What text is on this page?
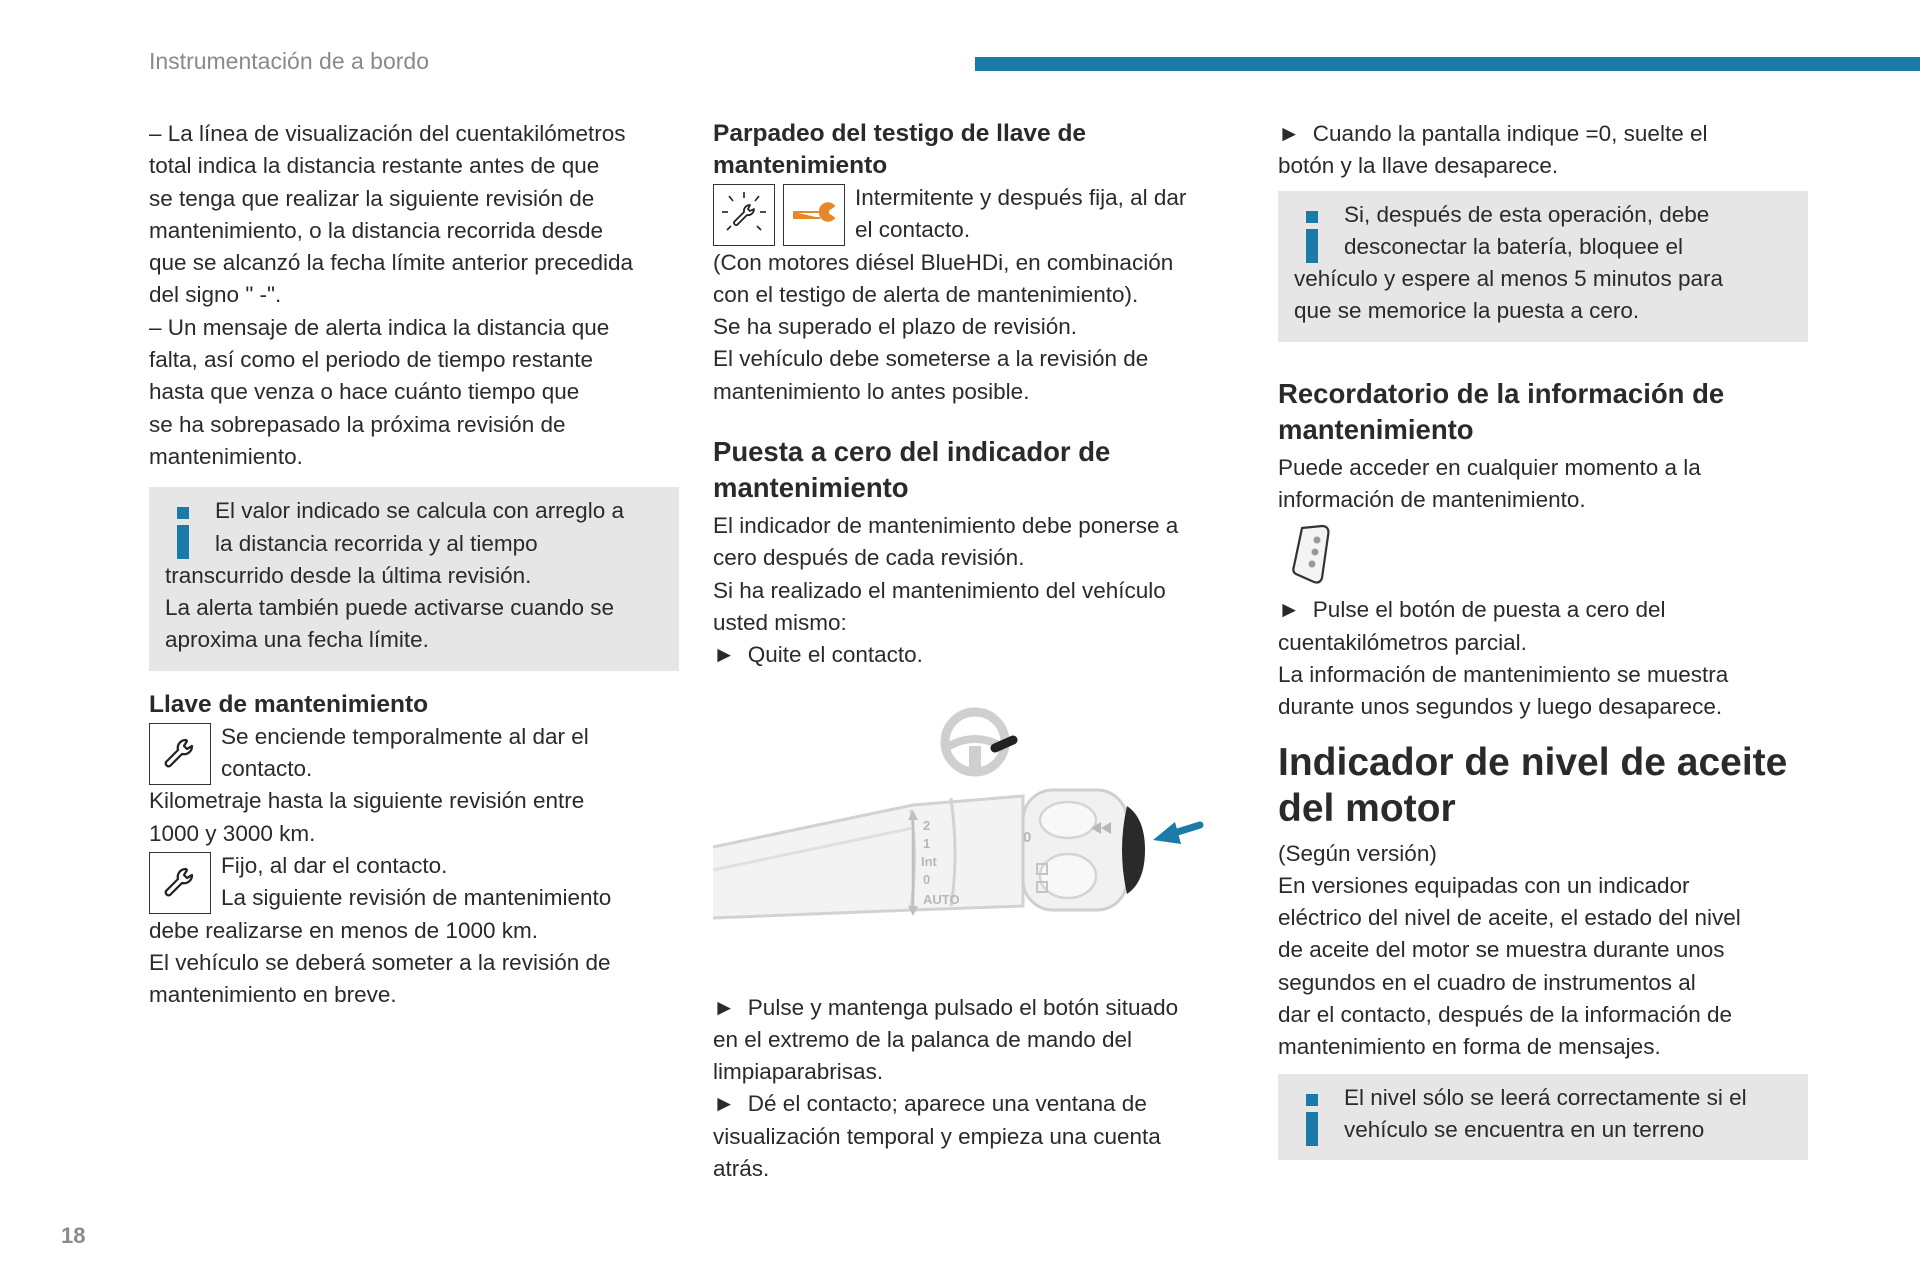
Instrumentación de a bordo

– La línea de visualización del cuentakilómetros
total indica la distancia restante antes de que
se tenga que realizar la siguiente revisión de
mantenimiento, o la distancia recorrida desde
que se alcanzó la fecha límite anterior precedida
del signo " -".
– Un mensaje de alerta indica la distancia que
falta, así como el periodo de tiempo restante
hasta que venza o hace cuánto tiempo que
se ha sobrepasado la próxima revisión de
mantenimiento.

El valor indicado se calcula con arreglo a
la distancia recorrida y al tiempo
transcurrido desde la última revisión.
La alerta también puede activarse cuando se
aproxima una fecha límite.
Llave de mantenimiento
Se enciende temporalmente al dar el
contacto.
Kilometraje hasta la siguiente revisión entre
1000 y 3000 km.
Fijo, al dar el contacto.
La siguiente revisión de mantenimiento
debe realizarse en menos de 1000 km.
El vehículo se deberá someter a la revisión de
mantenimiento en breve.
Parpadeo del testigo de llave de
mantenimiento
Intermitente y después fija, al dar
el contacto.

(Con motores diésel BlueHDi, en combinación
con el testigo de alerta de mantenimiento).
Se ha superado el plazo de revisión.
El vehículo debe someterse a la revisión de
mantenimiento lo antes posible.

Puesta a cero del indicador de
mantenimiento

El indicador de mantenimiento debe ponerse a
cero después de cada revisión.
Si ha realizado el mantenimiento del vehículo
usted mismo:
► Quite el contacto.

2
1
Int
0
AUTO
0

► Pulse y mantenga pulsado el botón situado
en el extremo de la palanca de mando del
limpiaparabrisas.
► Dé el contacto; aparece una ventana de
visualización temporal y empieza una cuenta
atrás.

► Cuando la pantalla indique =0, suelte el
botón y la llave desaparece.

Si, después de esta operación, debe
desconectar la batería, bloquee el
vehículo y espere al menos 5 minutos para
que se memorice la puesta a cero.
Recordatorio de la información de
mantenimiento

Puede acceder en cualquier momento a la
información de mantenimiento.

► Pulse el botón de puesta a cero del
cuentakilómetros parcial.
La información de mantenimiento se muestra
durante unos segundos y luego desaparece.

Indicador de nivel de aceite
del motor

(Según versión)
En versiones equipadas con un indicador
eléctrico del nivel de aceite, el estado del nivel
de aceite del motor se muestra durante unos
segundos en el cuadro de instrumentos al
dar el contacto, después de la información de
mantenimiento en forma de mensajes.

El nivel sólo se leerá correctamente si el
vehículo se encuentra en un terreno
18
